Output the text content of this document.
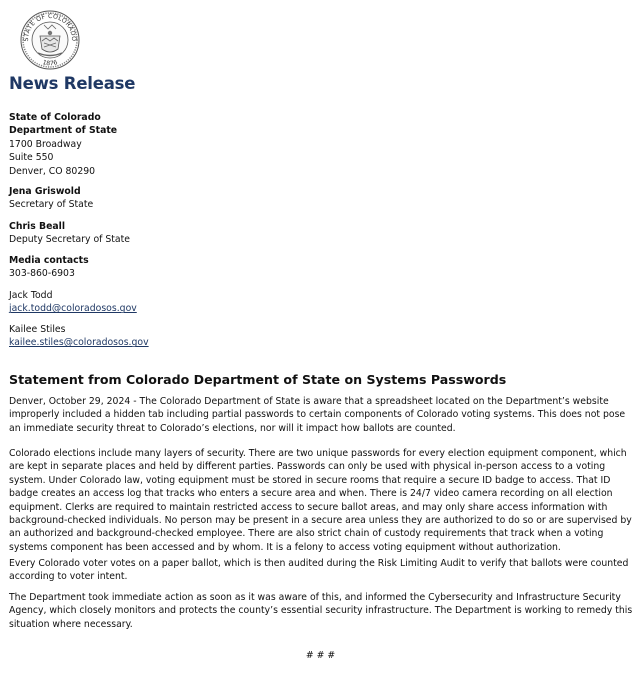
STATE OF COLORADO
1876
News Release
State of Colorado
Department of State
1700 Broadway
Suite 550
Denver, CO 80290
Jena Griswold
Secretary of State
Chris Beall
Deputy Secretary of State
Media contacts
303-860-6903
Jack Todd
jack.todd@coloradosos.gov
Kailee Stiles
kailee.stiles@coloradosos.gov
Statement from Colorado Department of State on Systems Passwords

Denver, October 29, 2024 - The Colorado Department of State is aware that a spreadsheet located on the Department’s website improperly included a hidden tab including partial passwords to certain components of Colorado voting systems. This does not pose an immediate security threat to Colorado’s elections, nor will it impact how ballots are counted.

Colorado elections include many layers of security. There are two unique passwords for every election equipment component, which are kept in separate places and held by different parties. Passwords can only be used with physical in-person access to a voting system. Under Colorado law, voting equipment must be stored in secure rooms that require a secure ID badge to access. That ID badge creates an access log that tracks who enters a secure area and when. There is 24/7 video camera recording on all election equipment. Clerks are required to maintain restricted access to secure ballot areas, and may only share access information with background-checked individuals. No person may be present in a secure area unless they are authorized to do so or are supervised by an authorized and background-checked employee. There are also strict chain of custody requirements that track when a voting systems component has been accessed and by whom. It is a felony to access voting equipment without authorization.

Every Colorado voter votes on a paper ballot, which is then audited during the Risk Limiting Audit to verify that ballots were counted according to voter intent.

The Department took immediate action as soon as it was aware of this, and informed the Cybersecurity and Infrastructure Security Agency, which closely monitors and protects the county’s essential security infrastructure. The Department is working to remedy this situation where necessary.

# # #
